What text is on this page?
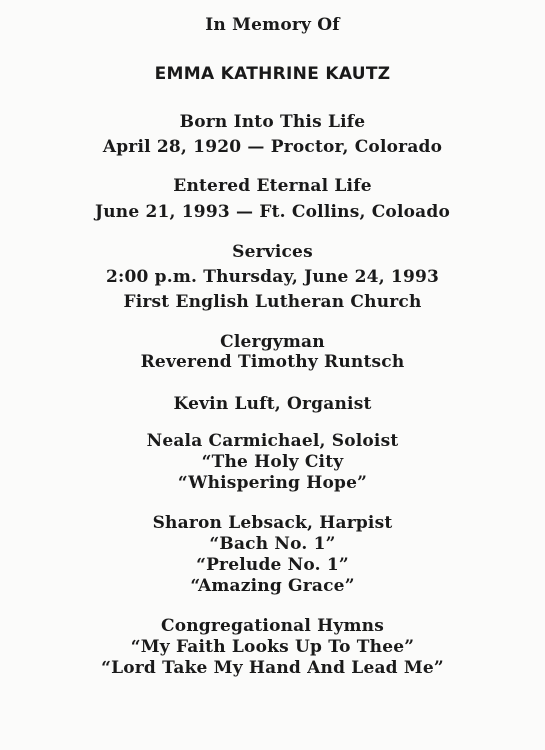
In Memory Of
EMMA KATHRINE KAUTZ
Born Into This Life
April 28, 1920 — Proctor, Colorado
Entered Eternal Life
June 21, 1993 — Ft. Collins, Coloado
Services
2:00 p.m. Thursday, June 24, 1993
First English Lutheran Church
Clergyman
Reverend Timothy Runtsch
Kevin Luft, Organist
Neala Carmichael, Soloist
“The Holy City
“Whispering Hope”
Sharon Lebsack, Harpist
“Bach No. 1”
“Prelude No. 1”
“Amazing Grace”
Congregational Hymns
“My Faith Looks Up To Thee”
“Lord Take My Hand And Lead Me”
